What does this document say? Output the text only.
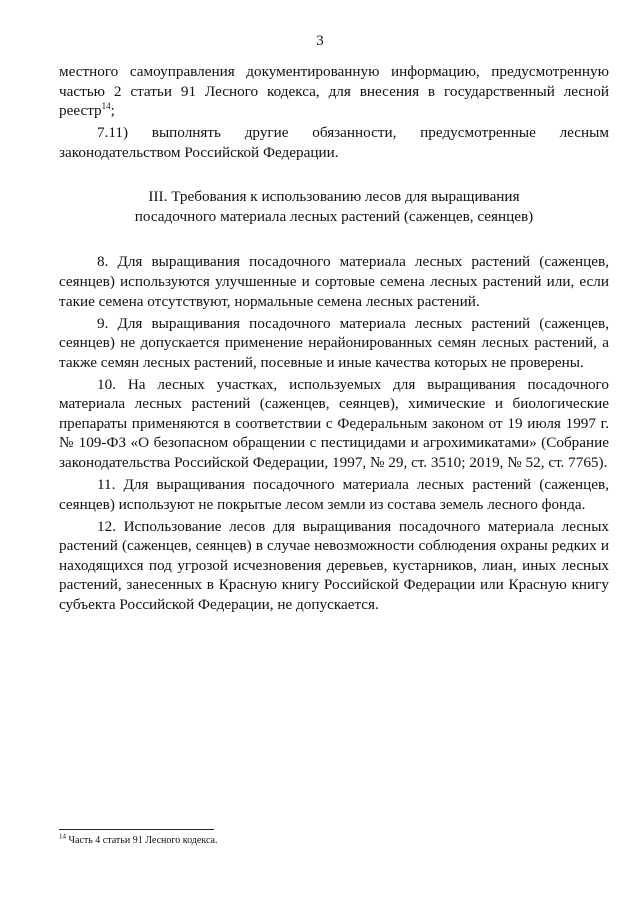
3

местного самоуправления документированную информацию, предусмотренную частью 2 статьи 91 Лесного кодекса, для внесения в государственный лесной реестр$^{14}$;

7.11) выполнять другие обязанности, предусмотренные лесным законодательством Российской Федерации.

III. Требования к использованию лесов для выращивания
посадочного материала лесных растений (саженцев, сеянцев)

8. Для выращивания посадочного материала лесных растений (саженцев, сеянцев) используются улучшенные и сортовые семена лесных растений или, если такие семена отсутствуют, нормальные семена лесных растений.

9. Для выращивания посадочного материала лесных растений (саженцев, сеянцев) не допускается применение нерайонированных семян лесных растений, а также семян лесных растений, посевные и иные качества которых не проверены.

10. На лесных участках, используемых для выращивания посадочного материала лесных растений (саженцев, сеянцев), химические и биологические препараты применяются в соответствии с Федеральным законом от 19 июля 1997 г. № 109-ФЗ «О безопасном обращении с пестицидами и агрохимикатами» (Собрание законодательства Российской Федерации, 1997, № 29, ст. 3510; 2019, № 52, ст. 7765).

11. Для выращивания посадочного материала лесных растений (саженцев, сеянцев) используют не покрытые лесом земли из состава земель лесного фонда.

12. Использование лесов для выращивания посадочного материала лесных растений (саженцев, сеянцев) в случае невозможности соблюдения охраны редких и находящихся под угрозой исчезновения деревьев, кустарников, лиан, иных лесных растений, занесенных в Красную книгу Российской Федерации или Красную книгу субъекта Российской Федерации, не допускается.

$^{14}$ Часть 4 статьи 91 Лесного кодекса.
